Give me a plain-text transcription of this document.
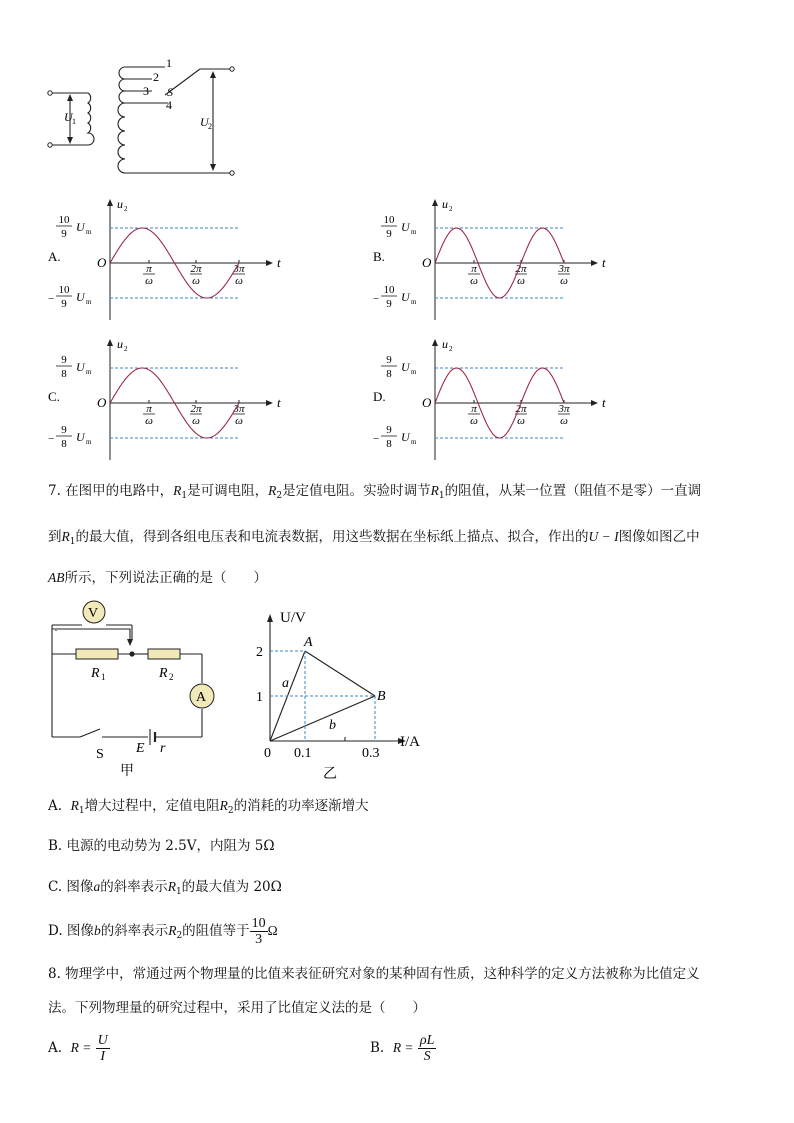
1
2
3 S
4
U 1	U 2
A.	t
u 2
O
10
9 U m
−
10
9 U m
π
ω
2π
ω
3π
ω
B.	t
u 2
O
10
9 U m
−
10
9 U m
π
ω
2π
ω
3π
ω
C.	t
u 2
O
9
8 U m
−
9
8 U m
π
ω
2π
ω
3π
ω
D.	t
u 2
O
9
8 U m
−
9
8 U m
π
ω
2π
ω
3π
ω
7. 在图甲的电路中，$R_1$是可调电阻，$R_2$是定值电阻。实验时调节$R_1$的阻值，从某一位置（阻值不是零）一直调
到$R_1$的最大值，得到各组电压表和电流表数据，用这些数据在坐标纸上描点、拟合，作出的U − I图像如图乙中
AB所示，下列说法正确的是（　　）
V
A
R 1	R 2
S E r
甲
U/V
I/A
A
B
a
b
2
1
0 0.1	0.3
乙
A. $R_1$增大过程中，定值电阻$R_2$的消耗的功率逐渐增大
B. 电源的电动势为 2.5V，内阻为 5Ω
C. 图像a的斜率表示$R_1$的最大值为 20Ω
D. 图像b的斜率表示$R_2$的阻值等于 $\frac{10}{3}$ Ω
8. 物理学中，常通过两个物理量的比值来表征研究对象的某种固有性质，这种科学的定义方法被称为比值定义
法。下列物理量的研究过程中，采用了比值定义法的是（　　）
A. $R = \frac{U}{I}$	B. $R = \frac{\rho L}{S}$
